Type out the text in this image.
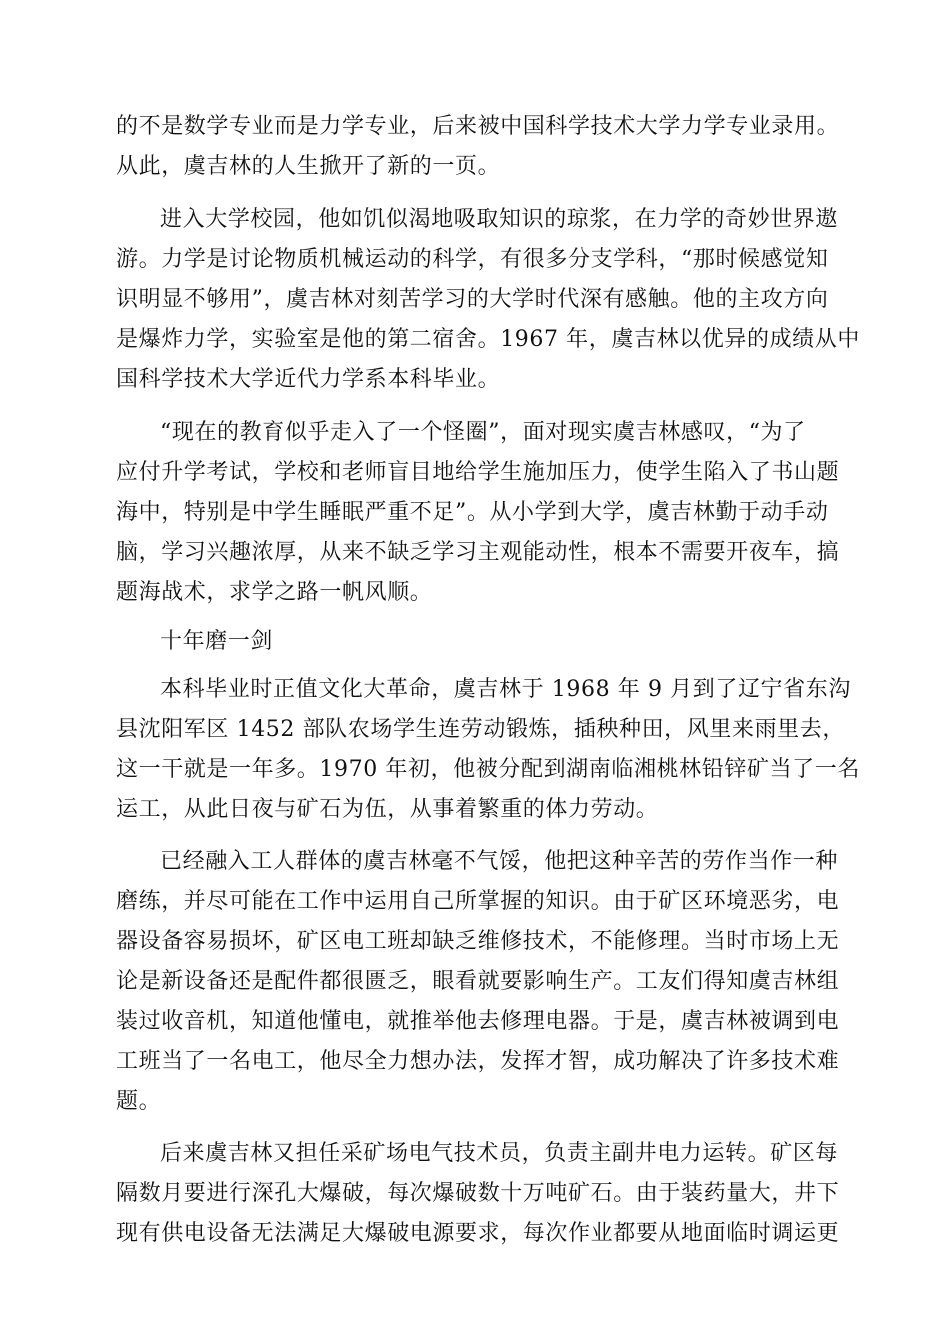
的不是数学专业而是力学专业，后来被中国科学技术大学力学专业录用。
从此，虞吉林的人生掀开了新的一页。
进入大学校园，他如饥似渴地吸取知识的琼浆，在力学的奇妙世界遨
游。力学是讨论物质机械运动的科学，有很多分支学科，“那时候感觉知
识明显不够用”，虞吉林对刻苦学习的大学时代深有感触。他的主攻方向
是爆炸力学，实验室是他的第二宿舍。1967 年，虞吉林以优异的成绩从中
国科学技术大学近代力学系本科毕业。
“现在的教育似乎走入了一个怪圈”，面对现实虞吉林感叹，“为了
应付升学考试，学校和老师盲目地给学生施加压力，使学生陷入了书山题
海中，特别是中学生睡眠严重不足”。从小学到大学，虞吉林勤于动手动
脑，学习兴趣浓厚，从来不缺乏学习主观能动性，根本不需要开夜车，搞
题海战术，求学之路一帆风顺。
十年磨一剑
本科毕业时正值文化大革命，虞吉林于 1968 年 9 月到了辽宁省东沟
县沈阳军区 1452 部队农场学生连劳动锻炼，插秧种田，风里来雨里去，
这一干就是一年多。1970 年初，他被分配到湖南临湘桃林铅锌矿当了一名
运工，从此日夜与矿石为伍，从事着繁重的体力劳动。
已经融入工人群体的虞吉林毫不气馁，他把这种辛苦的劳作当作一种
磨练，并尽可能在工作中运用自己所掌握的知识。由于矿区环境恶劣，电
器设备容易损坏，矿区电工班却缺乏维修技术，不能修理。当时市场上无
论是新设备还是配件都很匮乏，眼看就要影响生产。工友们得知虞吉林组
装过收音机，知道他懂电，就推举他去修理电器。于是，虞吉林被调到电
工班当了一名电工，他尽全力想办法，发挥才智，成功解决了许多技术难
题。
后来虞吉林又担任采矿场电气技术员，负责主副井电力运转。矿区每
隔数月要进行深孔大爆破，每次爆破数十万吨矿石。由于装药量大，井下
现有供电设备无法满足大爆破电源要求，每次作业都要从地面临时调运更
